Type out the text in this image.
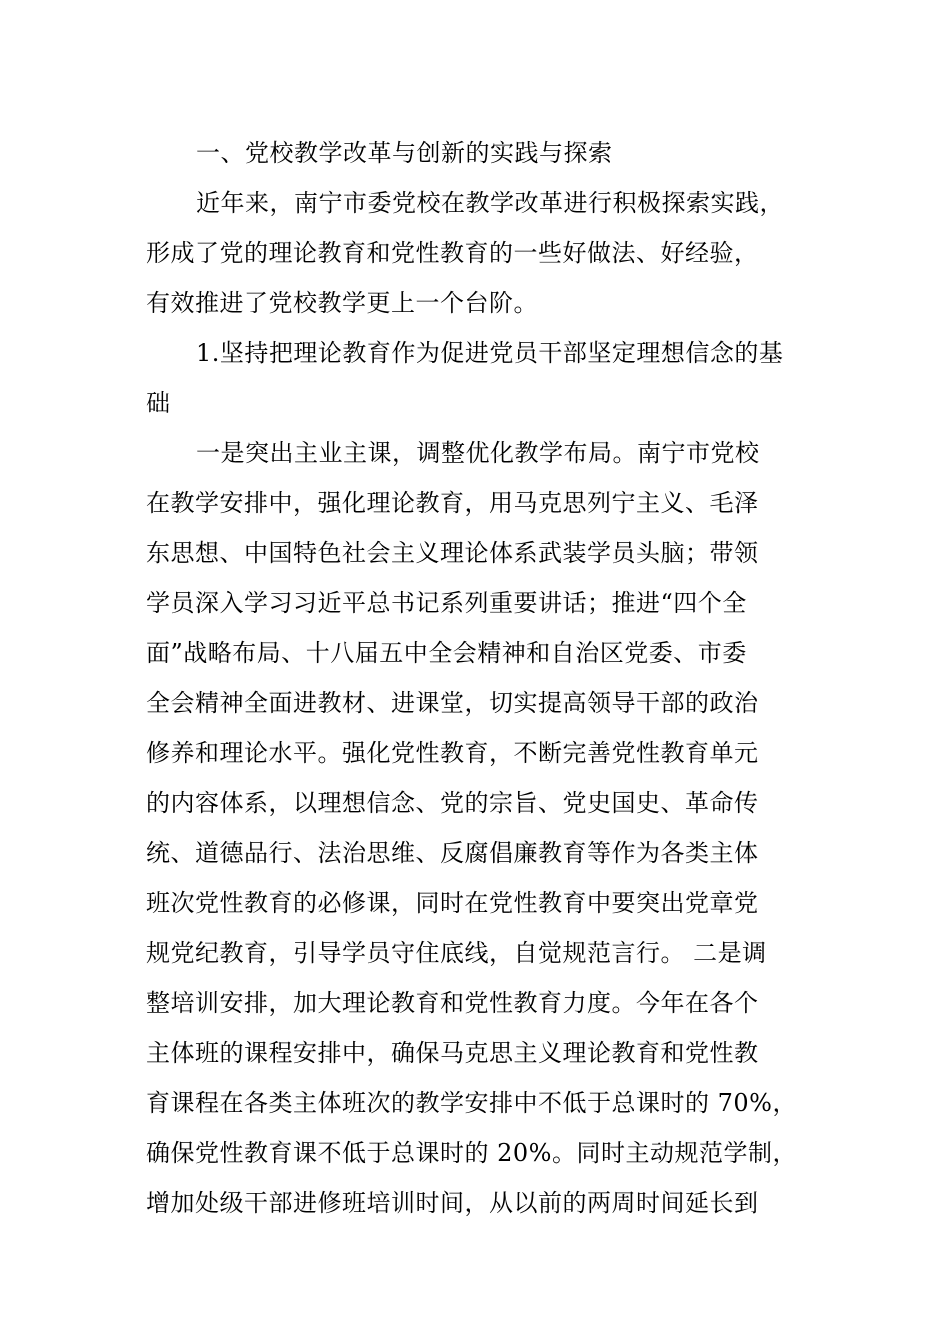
一、党校教学改革与创新的实践与探索

近年来，南宁市委党校在教学改革进行积极探索实践，
形成了党的理论教育和党性教育的一些好做法、好经验，
有效推进了党校教学更上一个台阶。

1.坚持把理论教育作为促进党员干部坚定理想信念的基
础

一是突出主业主课，调整优化教学布局。南宁市党校
在教学安排中，强化理论教育，用马克思列宁主义、毛泽
东思想、中国特色社会主义理论体系武装学员头脑；带领
学员深入学习习近平总书记系列重要讲话；推进“四个全
面”战略布局、十八届五中全会精神和自治区党委、市委
全会精神全面进教材、进课堂，切实提高领导干部的政治
修养和理论水平。强化党性教育，不断完善党性教育单元
的内容体系，以理想信念、党的宗旨、党史国史、革命传
统、道德品行、法治思维、反腐倡廉教育等作为各类主体
班次党性教育的必修课，同时在党性教育中要突出党章党
规党纪教育，引导学员守住底线，自觉规范言行。 二是调
整培训安排，加大理论教育和党性教育力度。今年在各个
主体班的课程安排中，确保马克思主义理论教育和党性教
育课程在各类主体班次的教学安排中不低于总课时的 70%，
确保党性教育课不低于总课时的 20%。同时主动规范学制，
增加处级干部进修班培训时间，从以前的两周时间延长到
